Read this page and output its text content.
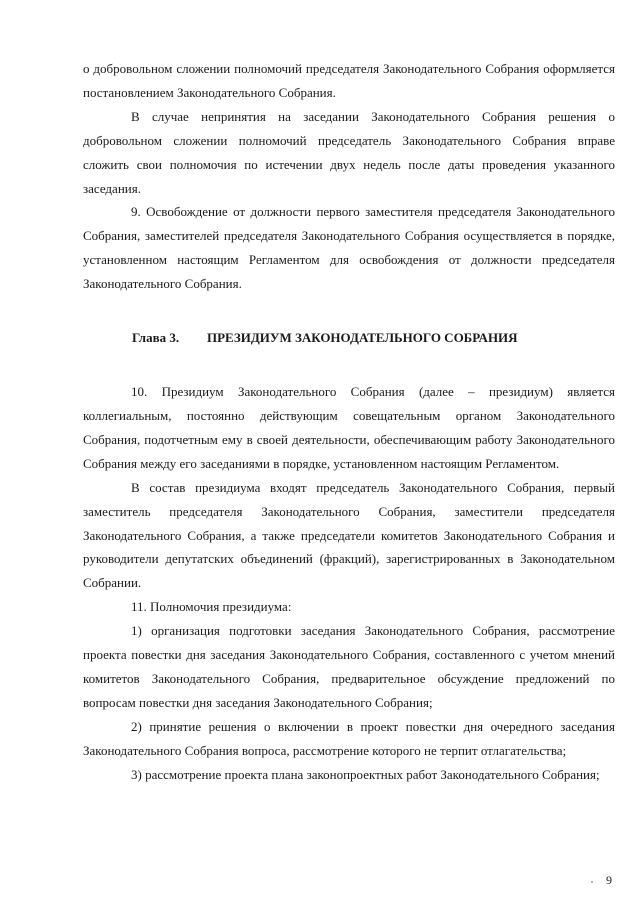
о добровольном сложении полномочий председателя Законодательного Собрания оформляется постановлением Законодательного Собрания.

В случае непринятия на заседании Законодательного Собрания решения о добровольном сложении полномочий председатель Законодательного Собрания вправе сложить свои полномочия по истечении двух недель после даты проведения указанного заседания.

9. Освобождение от должности первого заместителя председателя Законодательного Собрания, заместителей председателя Законодательного Собрания осуществляется в порядке, установленном настоящим Регламентом для освобождения от должности председателя Законодательного Собрания.

Глава 3. ПРЕЗИДИУМ ЗАКОНОДАТЕЛЬНОГО СОБРАНИЯ

10. Президиум Законодательного Собрания (далее – президиум) является коллегиальным, постоянно действующим совещательным органом Законодательного Собрания, подотчетным ему в своей деятельности, обеспечивающим работу Законодательного Собрания между его заседаниями в порядке, установленном настоящим Регламентом.

В состав президиума входят председатель Законодательного Собрания, первый заместитель председателя Законодательного Собрания, заместители председателя Законодательного Собрания, а также председатели комитетов Законодательного Собрания и руководители депутатских объединений (фракций), зарегистрированных в Законодательном Собрании.

11. Полномочия президиума:

1) организация подготовки заседания Законодательного Собрания, рассмотрение проекта повестки дня заседания Законодательного Собрания, составленного с учетом мнений комитетов Законодательного Собрания, предварительное обсуждение предложений по вопросам повестки дня заседания Законодательного Собрания;

2) принятие решения о включении в проект повестки дня очередного заседания Законодательного Собрания вопроса, рассмотрение которого не терпит отлагательства;

3) рассмотрение проекта плана законопроектных работ Законодательного Собрания;

9
